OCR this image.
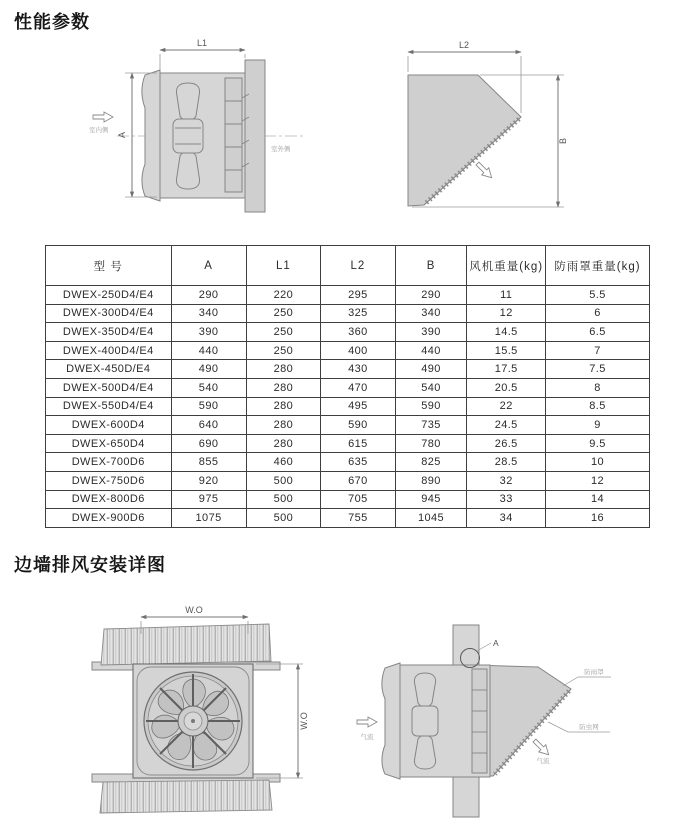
性能参数
L1
A
室内侧
室外侧
L2
B
型 号	A	L1	L2	B	风机重量(kg)	防雨罩重量(kg)
DWEX-250D4/E4	290	220	295	290	11	5.5
DWEX-300D4/E4	340	250	325	340	12	6
DWEX-350D4/E4	390	250	360	390	14.5	6.5
DWEX-400D4/E4	440	250	400	440	15.5	7
DWEX-450D/E4	490	280	430	490	17.5	7.5
DWEX-500D4/E4	540	280	470	540	20.5	8
DWEX-550D4/E4	590	280	495	590	22	8.5
DWEX-600D4	640	280	590	735	24.5	9
DWEX-650D4	690	280	615	780	26.5	9.5
DWEX-700D6	855	460	635	825	28.5	10
DWEX-750D6	920	500	670	890	32	12
DWEX-800D6	975	500	705	945	33	14
DWEX-900D6	1075	500	755	1045	34	16
边墙排风安装详图
W.O
W.O
A
防雨罩
防虫网
气流
气流
